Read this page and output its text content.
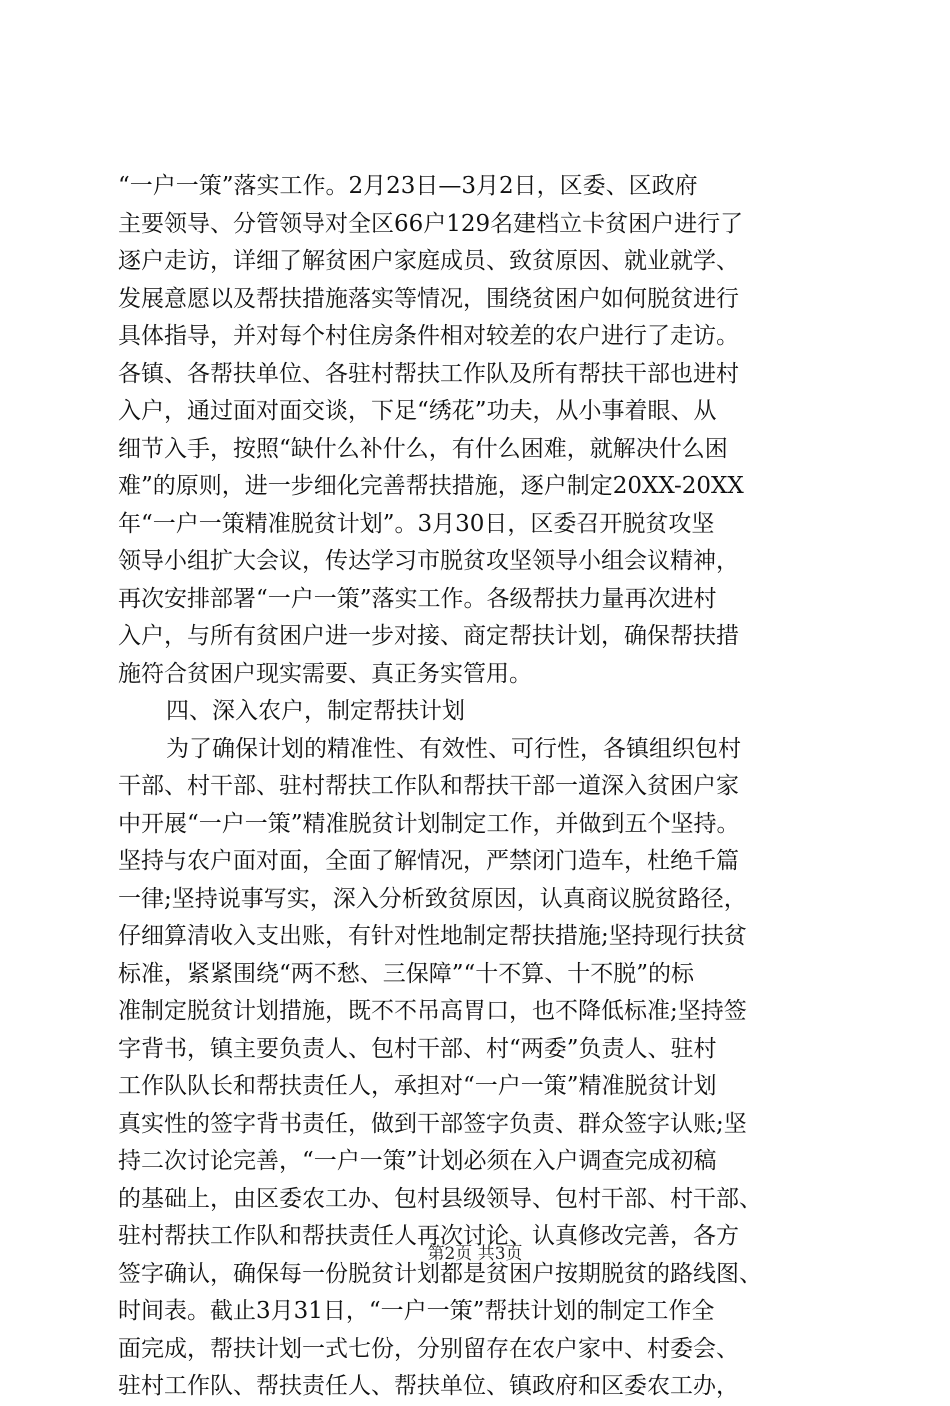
“一户一策”落实工作。2月23日—3月2日，区委、区政府
主要领导、分管领导对全区66户129名建档立卡贫困户进行了
逐户走访，详细了解贫困户家庭成员、致贫原因、就业就学、
发展意愿以及帮扶措施落实等情况，围绕贫困户如何脱贫进行
具体指导，并对每个村住房条件相对较差的农户进行了走访。
各镇、各帮扶单位、各驻村帮扶工作队及所有帮扶干部也进村
入户，通过面对面交谈，下足“绣花”功夫，从小事着眼、从
细节入手，按照“缺什么补什么，有什么困难，就解决什么困
难”的原则，进一步细化完善帮扶措施，逐户制定20XX-20XX
年“一户一策精准脱贫计划”。3月30日，区委召开脱贫攻坚
领导小组扩大会议，传达学习市脱贫攻坚领导小组会议精神，
再次安排部署“一户一策”落实工作。各级帮扶力量再次进村
入户，与所有贫困户进一步对接、商定帮扶计划，确保帮扶措
施符合贫困户现实需要、真正务实管用。
四、深入农户，制定帮扶计划
为了确保计划的精准性、有效性、可行性，各镇组织包村
干部、村干部、驻村帮扶工作队和帮扶干部一道深入贫困户家
中开展“一户一策”精准脱贫计划制定工作，并做到五个坚持。
坚持与农户面对面，全面了解情况，严禁闭门造车，杜绝千篇
一律;坚持说事写实，深入分析致贫原因，认真商议脱贫路径，
仔细算清收入支出账，有针对性地制定帮扶措施;坚持现行扶贫
标准，紧紧围绕“两不愁、三保障”“十不算、十不脱”的标
准制定脱贫计划措施，既不不吊高胃口，也不降低标准;坚持签
字背书，镇主要负责人、包村干部、村“两委”负责人、驻村
工作队队长和帮扶责任人，承担对“一户一策”精准脱贫计划
真实性的签字背书责任，做到干部签字负责、群众签字认账;坚
持二次讨论完善，“一户一策”计划必须在入户调查完成初稿
的基础上，由区委农工办、包村县级领导、包村干部、村干部、
驻村帮扶工作队和帮扶责任人再次讨论、认真修改完善，各方
签字确认，确保每一份脱贫计划都是贫困户按期脱贫的路线图、
时间表。截止3月31日，“一户一策”帮扶计划的制定工作全
面完成，帮扶计划一式七份，分别留存在农户家中、村委会、
驻村工作队、帮扶责任人、帮扶单位、镇政府和区委农工办，
第2页 共3页
